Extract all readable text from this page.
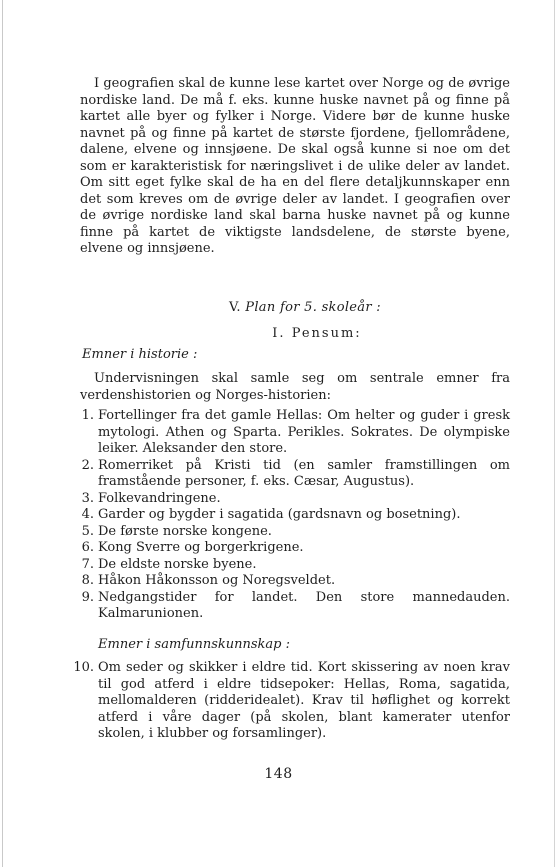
I geografien skal de kunne lese kartet over Norge og de øvrige nordiske land. De må f. eks. kunne huske navnet på og finne på kartet alle byer og fylker i Norge. Videre bør de kunne huske navnet på og finne på kartet de største fjordene, fjellområdene, dalene, elvene og innsjøene. De skal også kunne si noe om det som er karakteristisk for næringslivet i de ulike deler av landet. Om sitt eget fylke skal de ha en del flere detaljkunnskaper enn det som kreves om de øvrige deler av landet. I geografien over de øvrige nordiske land skal barna huske navnet på og kunne finne på kartet de viktigste landsdelene, de største byene, elvene og innsjøene.

V. Plan for 5. skoleår :

I. Pensum:

Emner i historie :

Undervisningen skal samle seg om sentrale emner fra verdenshistorien og Norges-historien:

1. Fortellinger fra det gamle Hellas: Om helter og guder i gresk mytologi. Athen og Sparta. Perikles. Sokrates. De olympiske leiker. Aleksander den store.
2. Romerriket på Kristi tid (en samler framstillingen om framstående personer, f. eks. Cæsar, Augustus).
3. Folkevandringene.
4. Garder og bygder i sagatida (gardsnavn og bosetning).
5. De første norske kongene.
6. Kong Sverre og borgerkrigene.
7. De eldste norske byene.
8. Håkon Håkonsson og Noregsveldet.
9. Nedgangstider for landet. Den store mannedauden. Kalmarunionen.

Emner i samfunnskunnskap :

10. Om seder og skikker i eldre tid. Kort skissering av noen krav til god atferd i eldre tidsepoker: Hellas, Roma, sagatida, mellomalderen (ridderidealet). Krav til høflighet og korrekt atferd i våre dager (på skolen, blant kamerater utenfor skolen, i klubber og forsamlinger).
148
